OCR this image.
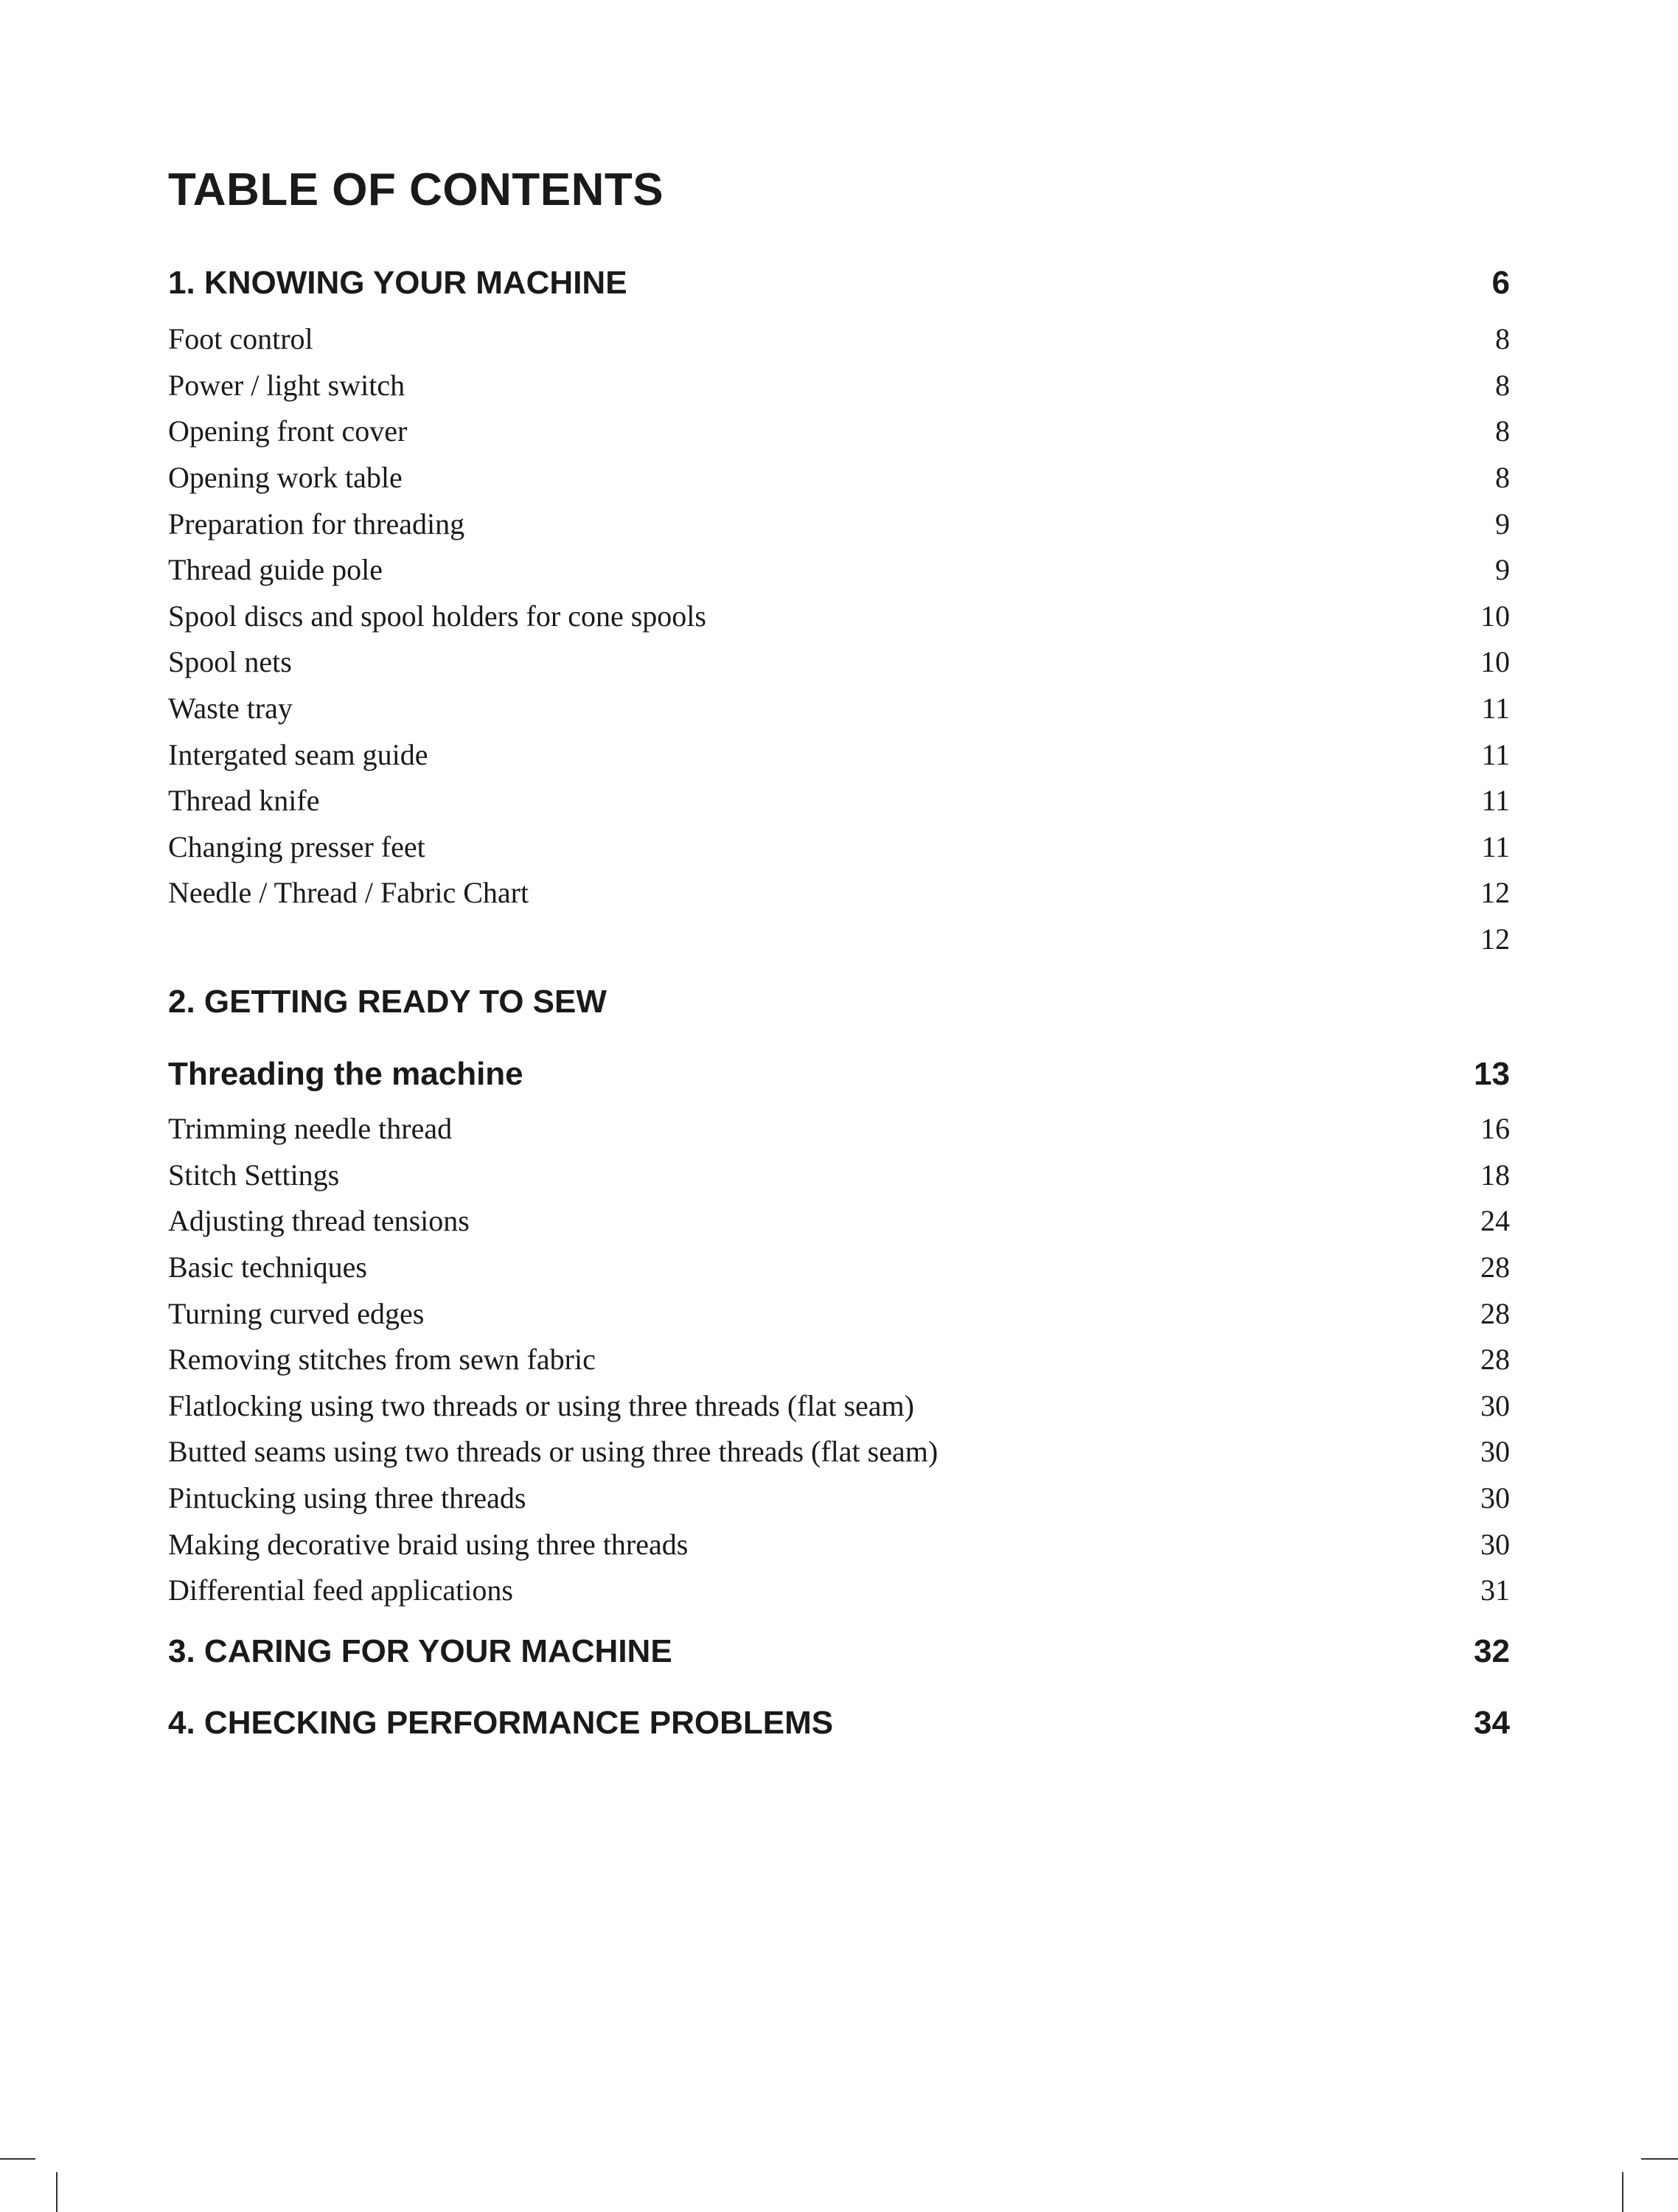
TABLE OF CONTENTS
1. KNOWING YOUR MACHINE	6
Foot control	8
Power / light switch	8
Opening front cover	8
Opening work table	8
Preparation for threading	9
Thread guide pole	9
Spool discs and spool holders for cone spools	10
Spool nets	10
Waste tray	11
Intergated seam guide	11
Thread knife	11
Changing presser feet	11
Needle / Thread / Fabric Chart	12
12
2. GETTING READY TO SEW
Threading the machine	13
Trimming needle thread	16
Stitch Settings	18
Adjusting thread tensions	24
Basic techniques	28
Turning curved edges	28
Removing stitches from sewn fabric	28
Flatlocking using two threads or using three threads (flat seam)	30
Butted seams using two threads or using three threads (flat seam)	30
Pintucking using three threads	30
Making decorative braid using three threads	30
Differential feed applications	31
3. CARING FOR YOUR MACHINE	32
4. CHECKING PERFORMANCE PROBLEMS	34
